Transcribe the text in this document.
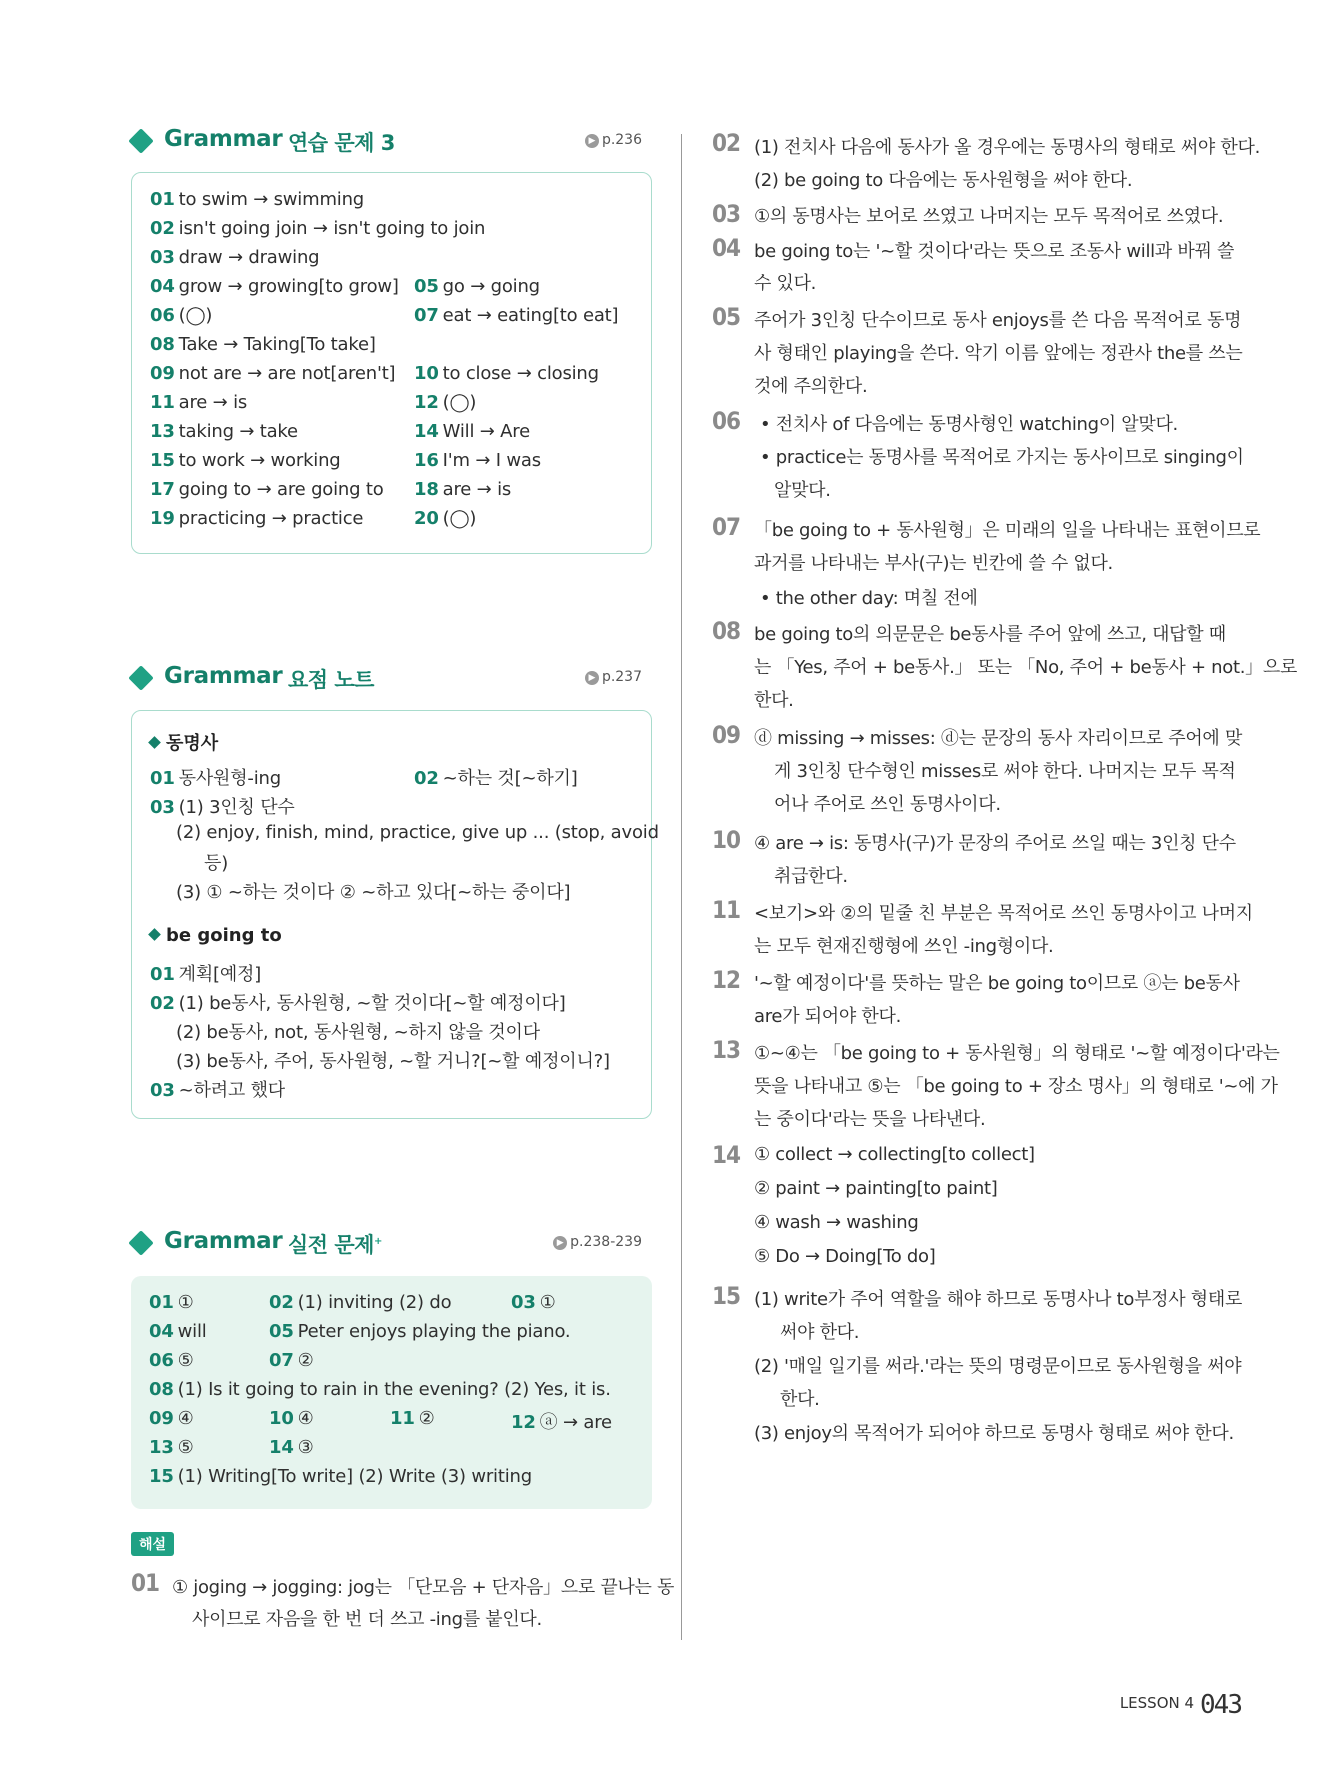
Grammar 연습 문제 3	▶ p.236
01 to swim → swimming
02 isn't going join → isn't going to join
03 draw → drawing
04 grow → growing[to grow] 05 go → going
06 (◯)	07 eat → eating[to eat]
08 Take → Taking[To take]
09 not are → are not[aren't] 10 to close → closing
11 are → is	12 (◯)
13 taking → take	14 Will → Are
15 to work → working	16 I'm → I was
17 going to → are going to 18 are → is
19 practicing → practice	20 (◯)
Grammar 요점 노트	▶ p.237
동명사
01 동사원형-ing	02 ~하는 것[~하기]
03 (1) 3인칭 단수
(2) enjoy, finish, mind, practice, give up ... (stop, avoid
등)
(3) ① ~하는 것이다 ② ~하고 있다[~하는 중이다]
be going to
01 계획[예정]
02 (1) be동사, 동사원형, ~할 것이다[~할 예정이다]
(2) be동사, not, 동사원형, ~하지 않을 것이다
(3) be동사, 주어, 동사원형, ~할 거니?[~할 예정이니?]
03 ~하려고 했다
Grammar 실전 문제+	▶ p.238-239
01 ①	02 (1) inviting (2) do	03 ①
04 will	05 Peter enjoys playing the piano.
06 ⑤	07 ②
08 (1) Is it going to rain in the evening? (2) Yes, it is.
09 ④	10 ④	11 ②	12 ⓐ → are
13 ⑤	14 ③
15 (1) Writing[To write] (2) Write (3) writing
해설
01 ① joging → jogging: jog는 「단모음 + 단자음」으로 끝나는 동
사이므로 자음을 한 번 더 쓰고 -ing를 붙인다.
02 (1) 전치사 다음에 동사가 올 경우에는 동명사의 형태로 써야 한다.
(2) be going to 다음에는 동사원형을 써야 한다.
03 ①의 동명사는 보어로 쓰였고 나머지는 모두 목적어로 쓰였다.
04 be going to는 '~할 것이다'라는 뜻으로 조동사 will과 바꿔 쓸
수 있다.
05 주어가 3인칭 단수이므로 동사 enjoys를 쓴 다음 목적어로 동명
사 형태인 playing을 쓴다. 악기 이름 앞에는 정관사 the를 쓰는
것에 주의한다.
06 • 전치사 of 다음에는 동명사형인 watching이 알맞다.
• practice는 동명사를 목적어로 가지는 동사이므로 singing이
알맞다.
07 「be going to + 동사원형」은 미래의 일을 나타내는 표현이므로
과거를 나타내는 부사(구)는 빈칸에 쓸 수 없다.
• the other day: 며칠 전에
08 be going to의 의문문은 be동사를 주어 앞에 쓰고, 대답할 때
는 「Yes, 주어 + be동사.」 또는 「No, 주어 + be동사 + not.」으로
한다.
09 ⓓ missing → misses: ⓓ는 문장의 동사 자리이므로 주어에 맞
게 3인칭 단수형인 misses로 써야 한다. 나머지는 모두 목적
어나 주어로 쓰인 동명사이다.
10 ④ are → is: 동명사(구)가 문장의 주어로 쓰일 때는 3인칭 단수
취급한다.
11 <보기>와 ②의 밑줄 친 부분은 목적어로 쓰인 동명사이고 나머지
는 모두 현재진행형에 쓰인 -ing형이다.
12 '~할 예정이다'를 뜻하는 말은 be going to이므로 ⓐ는 be동사
are가 되어야 한다.
13 ①~④는 「be going to + 동사원형」의 형태로 '~할 예정이다'라는
뜻을 나타내고 ⑤는 「be going to + 장소 명사」의 형태로 '~에 가
는 중이다'라는 뜻을 나타낸다.
14 ① collect → collecting[to collect]
② paint → painting[to paint]
④ wash → washing
⑤ Do → Doing[To do]
15 (1) write가 주어 역할을 해야 하므로 동명사나 to부정사 형태로
써야 한다.
(2) '매일 일기를 써라.'라는 뜻의 명령문이므로 동사원형을 써야
한다.
(3) enjoy의 목적어가 되어야 하므로 동명사 형태로 써야 한다.
LESSON 4 043
